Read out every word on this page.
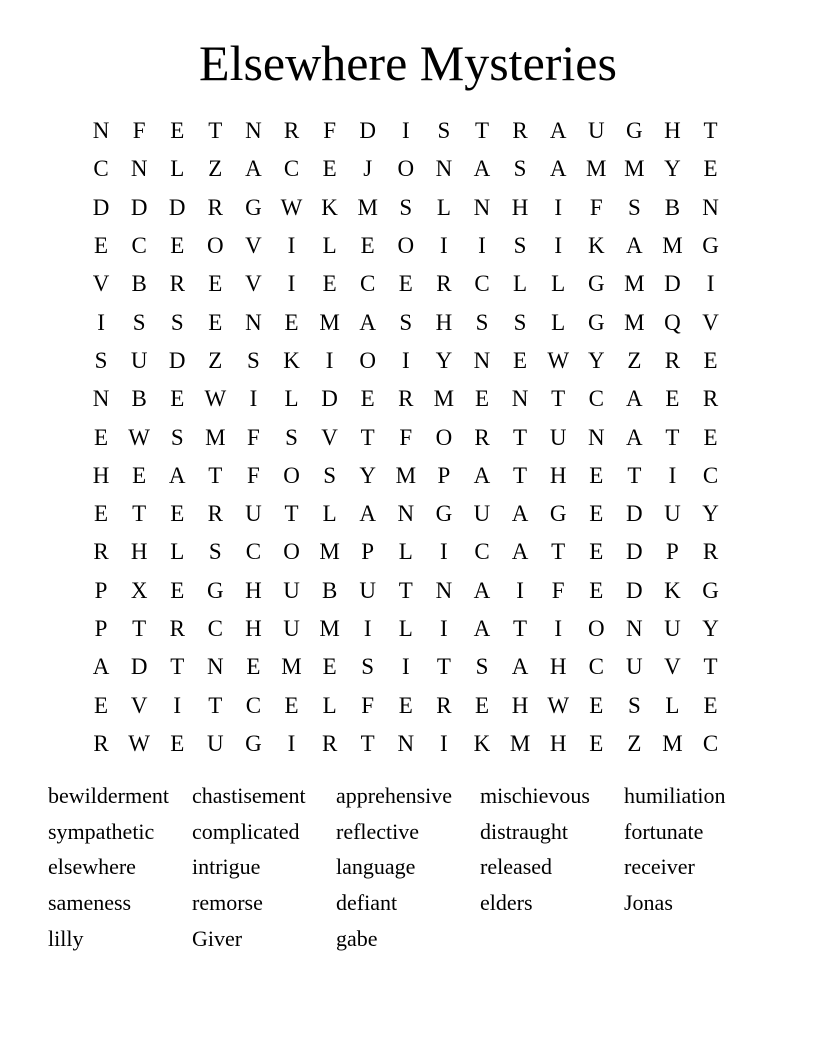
Elsewhere Mysteries
N	F	E	T N R	F	D	I	S	T	R A U G H T
C N L	Z A C	E	J	O N A	S	A M M Y E
D D D R G W K M S	L N H	I	F	S	B N
E	C	E O V	I	L	E O	I	I	S	I	K A M G
V B R	E V	I	E	C	E	R C	L	L G M D	I
I	S	S	E N E M A	S	H	S	S	L G M Q V
S	U D Z	S	K	I	O	I	Y N E W Y Z	R	E
N B	E W	I	L D E	R M E N T	C A E	R
E W S M F	S	V T	F	O R	T U N A T	E
H E A T	F	O	S	Y M P	A T H E	T	I	C
E	T	E	R U T	L A N G U A G E D U Y
R H L	S	C O M P	L	I	C A T	E D	P	R
P	X E G H U B U T N A	I	F	E D K G
P	T	R C H U M	I	L	I	A T	I	O N U Y
A D T N E M E	S	I	T	S	A H C U V T
E V	I	T	C	E	L	F	E	R	E H W E	S	L	E
R W E U G	I	R	T N	I	K M H E	Z M C
bewilderment	chastisement	apprehensive	mischievous	humiliation
sympathetic	complicated	reflective	distraught	fortunate
elsewhere	intrigue	language	released	receiver
sameness	remorse	defiant	elders	Jonas
lilly	Giver	gabe
